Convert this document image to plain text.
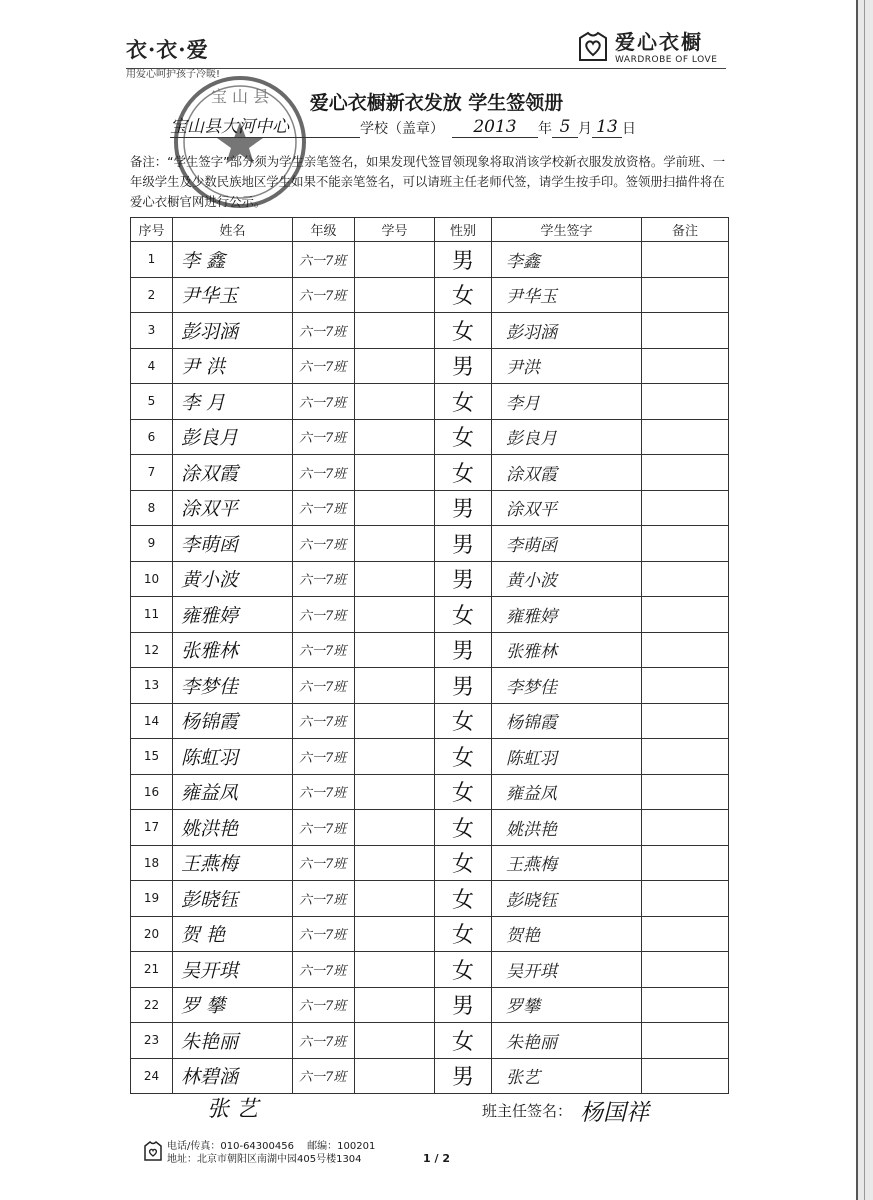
衣·衣·爱
用爱心呵护孩子冷暖!
爱心衣橱
WARDROBE OF LOVE
宝 山 县	爱心衣橱新衣发放 学生签领册
宝山县大河中心	学校（盖章）	2013	年 5 月 13 日
备注：“学生签字”部分须为学生亲笔签名，如果发现代签冒领现象将取消该学校新衣服发放资格。学前班、一年级学生及少数民族地区学生如果不能亲笔签名，可以请班主任老师代签，请学生按手印。签领册扫描件将在爱心衣橱官网进行公示。
序号	姓名	年级	学号	性别	学生签字	备注
1	李 鑫	六一7班		男	李鑫	
2	尹华玉	六一7班		女	尹华玉	
3	彭羽涵	六一7班		女	彭羽涵	
4	尹 洪	六一7班		男	尹洪	
5	李 月	六一7班		女	李月	
6	彭良月	六一7班		女	彭良月	
7	涂双霞	六一7班		女	涂双霞	
8	涂双平	六一7班		男	涂双平	
9	李萌函	六一7班		男	李萌函	
10	黄小波	六一7班		男	黄小波	
11	雍雅婷	六一7班		女	雍雅婷	
12	张雅林	六一7班		男	张雅林	
13	李梦佳	六一7班		男	李梦佳	
14	杨锦霞	六一7班		女	杨锦霞	
15	陈虹羽	六一7班		女	陈虹羽	
16	雍益凤	六一7班		女	雍益凤	
17	姚洪艳	六一7班		女	姚洪艳	
18	王燕梅	六一7班		女	王燕梅	
19	彭晓钰	六一7班		女	彭晓钰	
20	贺 艳	六一7班		女	贺艳	
21	吴开琪	六一7班		女	吴开琪	
22	罗 攀	六一7班		男	罗攀	
23	朱艳丽	六一7班		女	朱艳丽	
24	林碧涵	六一7班		男	张艺	
张 艺	班主任签名： 杨国祥
电话/传真：010-64300456　 邮编：100201
地址：北京市朝阳区南湖中园405号楼1304	1 / 2
